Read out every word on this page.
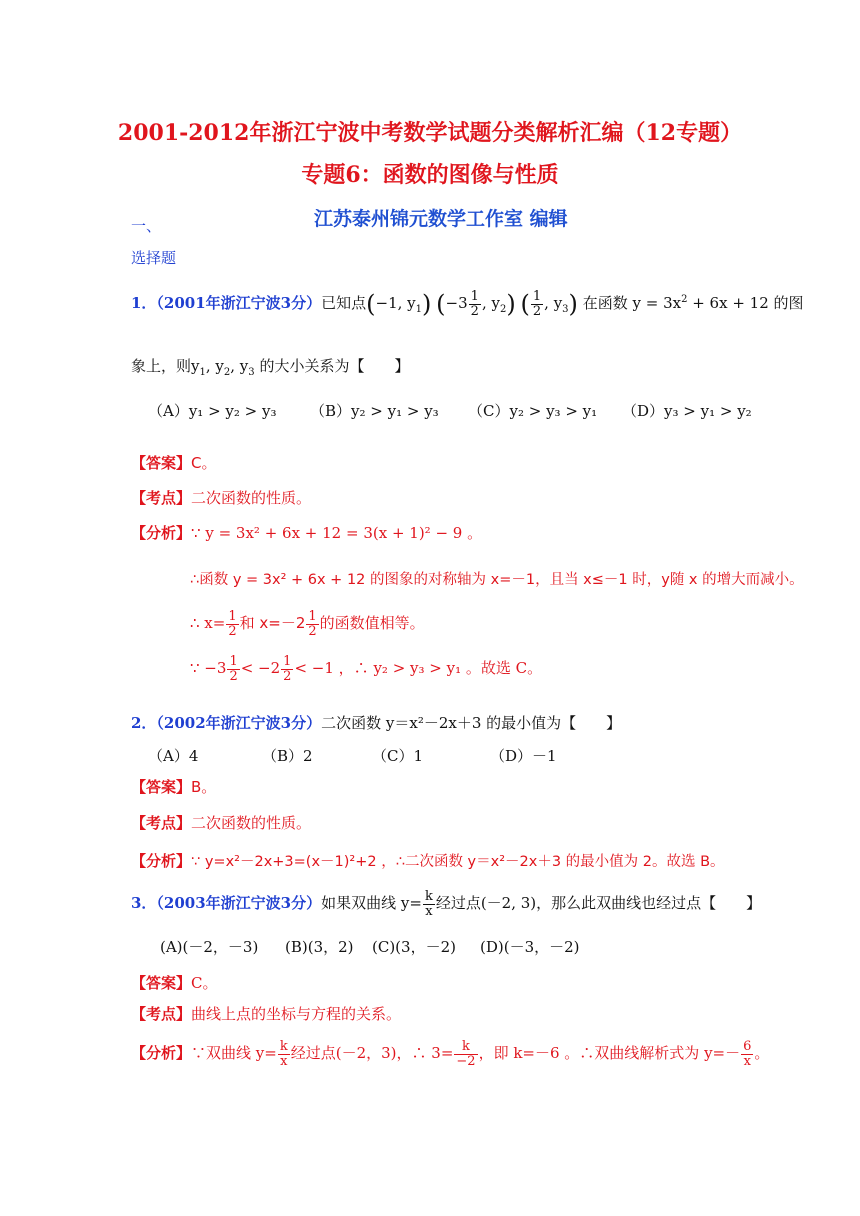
2001-2012年浙江宁波中考数学试题分类解析汇编（12专题）
专题6：函数的图像与性质
江苏泰州锦元数学工作室 编辑
一、
选择题
1．（2001年浙江宁波3分）已知点(−1, $y_1$) ($-3 \frac{1}{2}$ , $y_2$) ( $\frac{1}{2}$ , $y_3$) 在函数 $y = 3x^2 + 6x + 12$ 的图
象上，则$y_1$, $y_2$, $y_3$ 的大小关系为【　　】
（A）y₁ > y₂ > y₃ （B）y₂ > y₁ > y₃ （C）y₂ > y₃ > y₁ （D）y₃ > y₁ > y₂
【答案】C。
【考点】二次函数的性质。
【分析】∵ y = 3x² + 6x + 12 = 3(x + 1)² − 9 。
∴函数 y = 3x² + 6x + 12 的图象的对称轴为 x=－1，且当 x≤－1 时，y随 x 的增大而减小。
∴ $x= \frac{1}{2}$ 和 $x=-2 \frac{1}{2}$ 的函数值相等。
∵ $-3 \frac{1}{2} < -2 \frac{1}{2} < -1$ ，∴ y₂ > y₃ > y₁ 。故选 C。
2．（2002年浙江宁波3分）二次函数 y＝x²－2x＋3 的最小值为【　　】
（A）4	（B）2	（C）1	（D）－1
【答案】B。
【考点】二次函数的性质。
【分析】∵ y=x²－2x+3=(x－1)²+2 ，∴二次函数 y＝x²－2x＋3 的最小值为 2。故选 B。
3．（2003年浙江宁波3分）如果双曲线 $y= \frac{k}{x}$ 经过点(－2, 3)，那么此双曲线也经过点【　　】
(A)(－2，－3) (B)(3，2) (C)(3，－2) (D)(－3，－2)
【答案】C。
【考点】曲线上点的坐标与方程的关系。
【分析】∵双曲线 $y= \frac{k}{x}$ 经过点(－2，3)，∴ $3= \frac{k}{-2}$ ，即 k=－6 。∴双曲线解析式为 $y=- \frac{6}{x}$ 。
